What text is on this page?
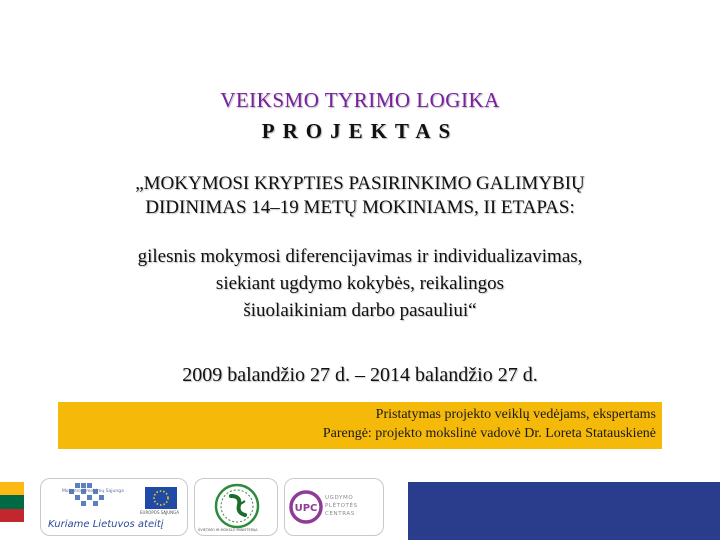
VEIKSMO TYRIMO LOGIKA
PROJEKTAS
„MOKYMOSI KRYPTIES PASIRINKIMO GALIMYBIŲ
DIDINIMAS 14–19 METŲ MOKINIAMS, II ETAPAS:
gilesnis mokymosi diferencijavimas ir individualizavimas,
siekiant ugdymo kokybės, reikalingos
šiuolaikiniam darbo pasauliui“
2009 balandžio 27 d. – 2014 balandžio 27 d.
Pristatymas projekto veiklų vedėjams, ekspertams
Parengė: projekto mokslinė vadovė Dr. Loreta Statauskienė
Mokymo Išmokimų Sąjunga
EUROPOS SĄJUNGA
Kuriame Lietuvos ateitį	ŠVIETIMO IR MOKSLO MINISTERIJA
UPC
UGDYMO PLĖTOTĖS CENTRAS
